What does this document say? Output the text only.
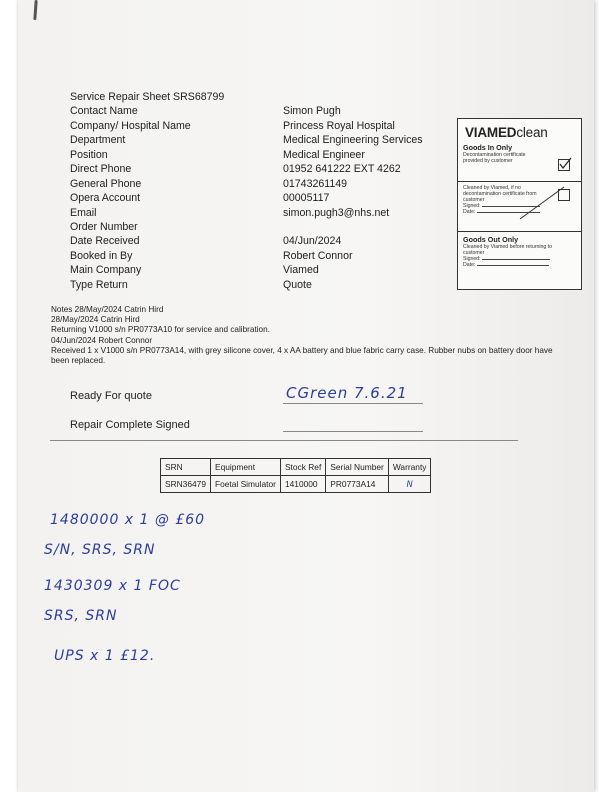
Service Repair Sheet SRS68799
Contact Name	Simon Pugh
Company/ Hospital Name	Princess Royal Hospital
Department	Medical Engineering Services
Position	Medical Engineer
Direct Phone	01952 641222 EXT 4262
General Phone	01743261149
Opera Account	00005117
Email	simon.pugh3@nhs.net
Order Number
Date Received	04/Jun/2024
Booked in By	Robert Connor
Main Company	Viamed
Type Return	Quote
VIAMEDclean
Goods In Only
Decontamination certificate provided by customer
Cleaned by Viamed, if no decontamination certificate from customer
Signed:
Date:
Goods Out Only
Cleaned by Viamed before returning to customer
Signed:
Date:
Notes 28/May/2024 Catrin Hird
28/May/2024 Catrin Hird
Returning V1000 s/n PR0773A10 for service and calibration.
04/Jun/2024 Robert Connor
Received 1 x V1000 s/n PR0773A14, with grey silicone cover, 4 x AA battery and blue fabric carry case. Rubber nubs on battery door have been replaced.
Ready For quote	CGreen 7.6.21
Repair Complete Signed
SRN	Equipment	Stock Ref	Serial Number	Warranty
SRN36479	Foetal Simulator	1410000	PR0773A14	N
1480000 x 1 @ £60
S/N, SRS, SRN
1430309 x 1 FOC
SRS, SRN
UPS x 1 £12.
